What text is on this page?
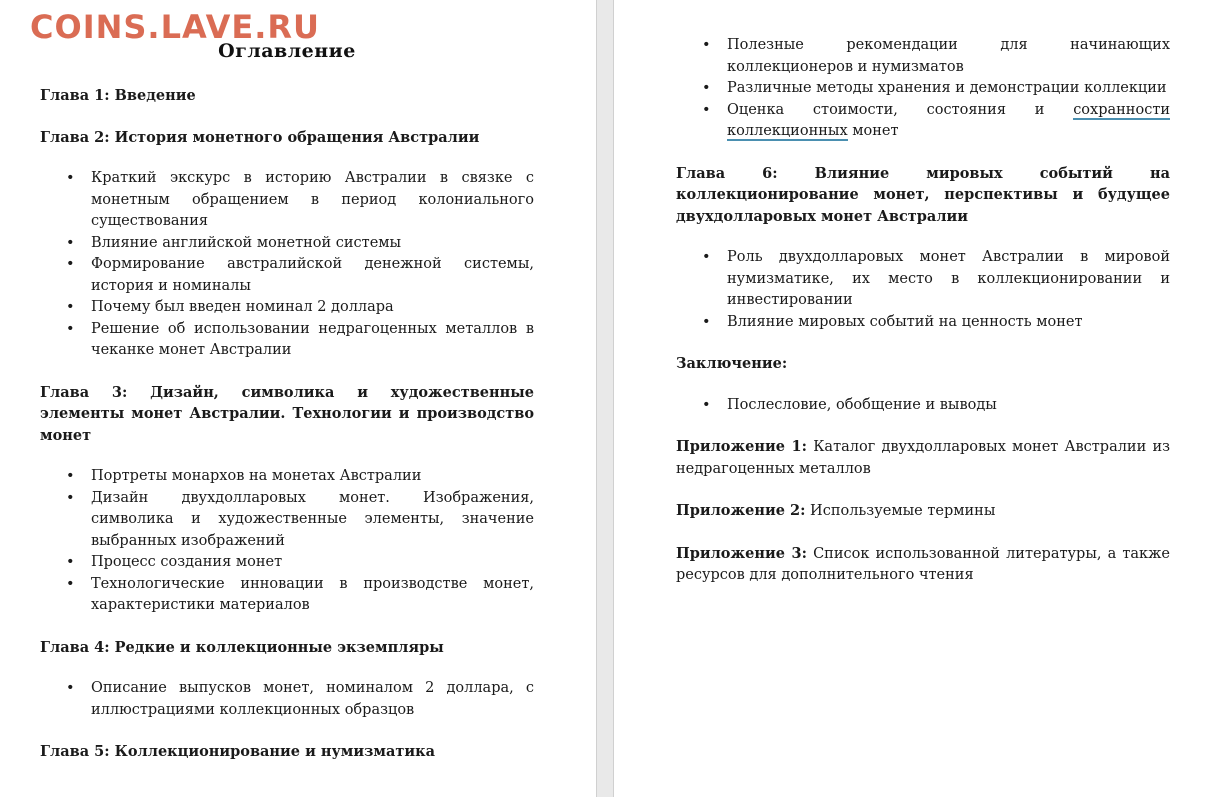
Оглавление

Глава 1: Введение

Глава 2: История монетного обращения Австралии

• Краткий экскурс в историю Австралии в связке с монетным обращением в период колониального существования
• Влияние английской монетной системы
• Формирование австралийской денежной системы, история и номиналы
• Почему был введен номинал 2 доллара
• Решение об использовании недрагоценных металлов в чеканке монет Австралии

Глава 3: Дизайн, символика и художественные элементы монет Австралии. Технологии и производство монет

• Портреты монархов на монетах Австралии
• Дизайн двухдолларовых монет. Изображения, символика и художественные элементы, значение выбранных изображений
• Процесс создания монет
• Технологические инновации в производстве монет, характеристики материалов

Глава 4: Редкие и коллекционные экземпляры

• Описание выпусков монет, номиналом 2 доллара, с иллюстрациями коллекционных образцов

Глава 5: Коллекционирование и нумизматика

• Полезные рекомендации для начинающих коллекционеров и нумизматов
• Различные методы хранения и демонстрации коллекции
• Оценка стоимости, состояния и сохранности коллекционных монет

Глава 6: Влияние мировых событий на коллекционирование монет, перспективы и будущее двухдолларовых монет Австралии

• Роль двухдолларовых монет Австралии в мировой нумизматике, их место в коллекционировании и инвестировании
• Влияние мировых событий на ценность монет

Заключение:

• Послесловие, обобщение и выводы

Приложение 1: Каталог двухдолларовых монет Австралии из недрагоценных металлов

Приложение 2: Используемые термины

Приложение 3: Список использованной литературы, а также ресурсов для дополнительного чтения

COINS.LAVE.RU
